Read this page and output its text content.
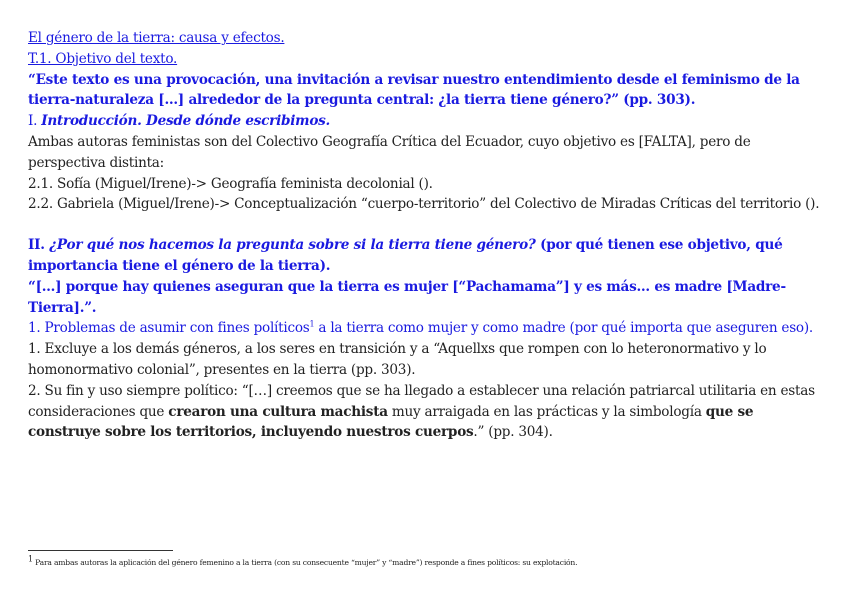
El género de la tierra: causa y efectos.

T.1. Objetivo del texto.

“Este texto es una provocación, una invitación a revisar nuestro entendimiento desde el feminismo de la tierra-naturaleza […] alrededor de la pregunta central: ¿la tierra tiene género?” (pp. 303).

I. Introducción. Desde dónde escribimos.

Ambas autoras feministas son del Colectivo Geografía Crítica del Ecuador, cuyo objetivo es [FALTA], pero de perspectiva distinta:

2.1. Sofía (Miguel/Irene)-> Geografía feminista decolonial ().

2.2. Gabriela (Miguel/Irene)-> Conceptualización “cuerpo-territorio” del Colectivo de Miradas Críticas del territorio ().

II. ¿Por qué nos hacemos la pregunta sobre si la tierra tiene género? (por qué tienen ese objetivo, qué importancia tiene el género de la tierra).

“[…] porque hay quienes aseguran que la tierra es mujer [“Pachamama”] y es más… es madre [Madre-Tierra].”.

1. Problemas de asumir con fines políticos$^1$ a la tierra como mujer y como madre (por qué importa que aseguren eso).

1. Excluye a los demás géneros, a los seres en transición y a “Aquellxs que rompen con lo heteronormativo y lo homonormativo colonial”, presentes en la tierra (pp. 303).

2. Su fin y uso siempre político: “[…] creemos que se ha llegado a establecer una relación patriarcal utilitaria en estas consideraciones que crearon una cultura machista muy arraigada en las prácticas y la simbología que se construye sobre los territorios, incluyendo nuestros cuerpos.” (pp. 304).

$^1$ Para ambas autoras la aplicación del género femenino a la tierra (con su consecuente “mujer” y “madre”) responde a fines políticos: su explotación.
